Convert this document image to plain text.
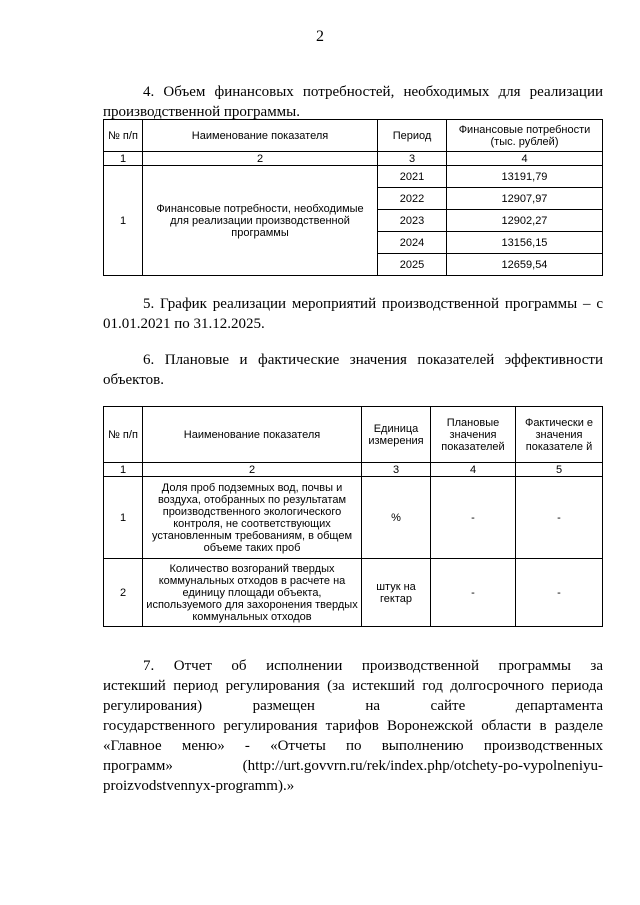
2
4. Объем финансовых потребностей, необходимых для реализации
производственной программы.
№ п/п	Наименование показателя	Период	Финансовые потребности (тыс. рублей)
1	2	3	4
1	Финансовые потребности, необходимые для реализации производственной программы	2021	13191,79
		2022	12907,97
		2023	12902,27
		2024	13156,15
		2025	12659,54
5. График реализации мероприятий производственной программы – с
01.01.2021 по 31.12.2025.
6. Плановые и фактические значения показателей эффективности
объектов.
№ п/п	Наименование показателя	Единица измерения	Плановые значения показателей	Фактически е значения показателе й
1	2	3	4	5
1	Доля проб подземных вод, почвы и воздуха, отобранных по результатам производственного экологического контроля, не соответствующих установленным требованиям, в общем объеме таких проб	%	-	-
2	Количество возгораний твердых коммунальных отходов в расчете на единицу площади объекта, используемого для захоронения твердых коммунальных отходов	штук на гектар	-	-
7. Отчет об исполнении производственной программы за
истекший период регулирования (за истекший год долгосрочного периода
регулирования) размещен на сайте департамента
государственного регулирования тарифов Воронежской области в разделе
«Главное меню» - «Отчеты по выполнению производственных
программ» (http://urt.govvrn.ru/rek/index.php/otchety-po-vypolneniyu-
proizvodstvennyx-programm).»
